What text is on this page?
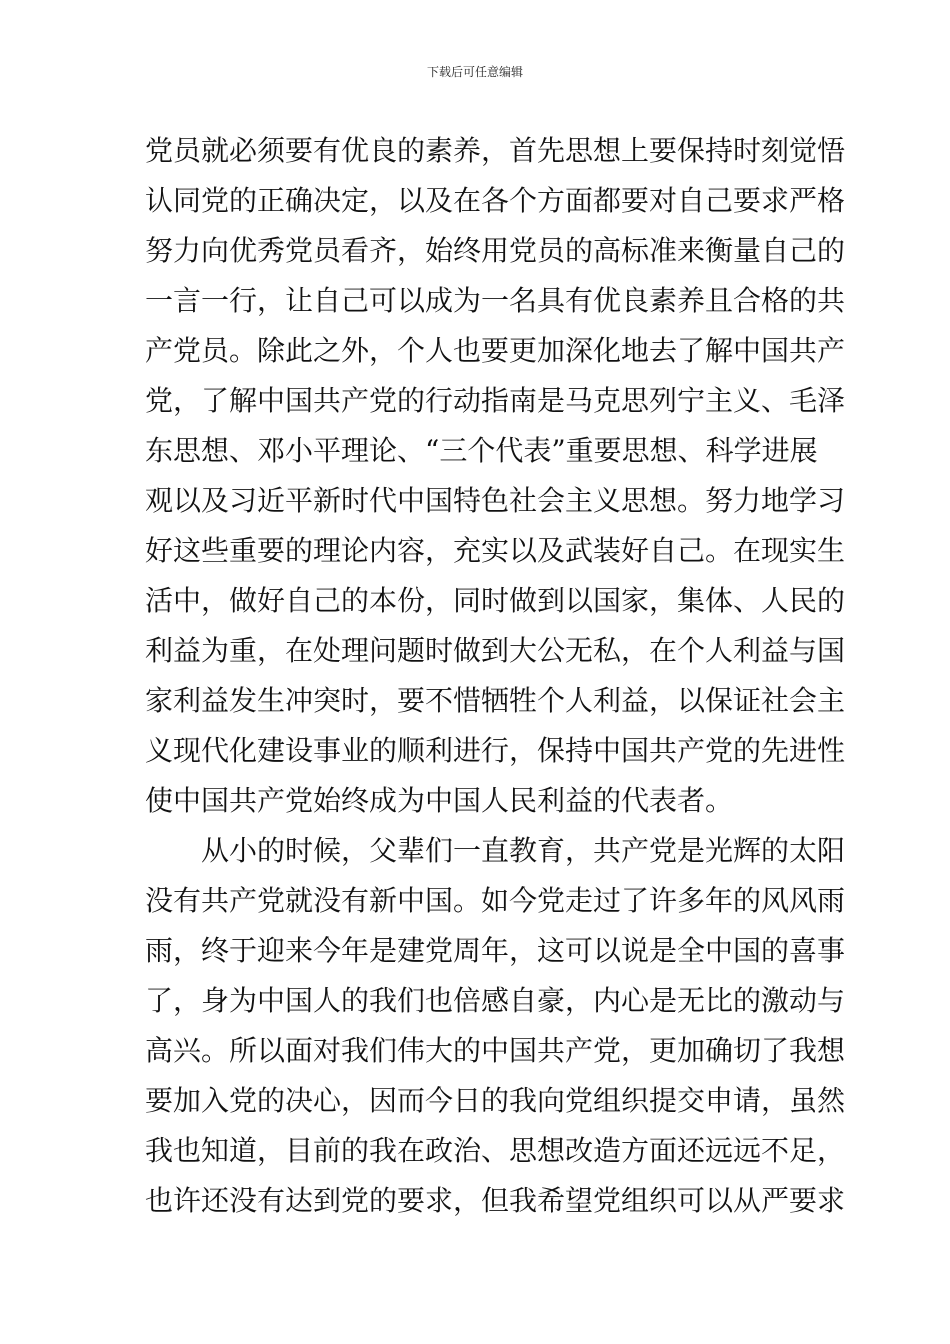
下载后可任意编辑
党员就必须要有优良的素养，首先思想上要保持时刻觉悟
认同党的正确决定，以及在各个方面都要对自己要求严格
努力向优秀党员看齐，始终用党员的高标准来衡量自己的
一言一行，让自己可以成为一名具有优良素养且合格的共
产党员。除此之外，个人也要更加深化地去了解中国共产
党，了解中国共产党的行动指南是马克思列宁主义、毛泽
东思想、邓小平理论、“三个代表”重要思想、科学进展
观以及习近平新时代中国特色社会主义思想。努力地学习
好这些重要的理论内容，充实以及武装好自己。在现实生
活中，做好自己的本份，同时做到以国家，集体、人民的
利益为重，在处理问题时做到大公无私，在个人利益与国
家利益发生冲突时，要不惜牺牲个人利益，以保证社会主
义现代化建设事业的顺利进行，保持中国共产党的先进性
使中国共产党始终成为中国人民利益的代表者。
从小的时候，父辈们一直教育，共产党是光辉的太阳
没有共产党就没有新中国。如今党走过了许多年的风风雨
雨，终于迎来今年是建党周年，这可以说是全中国的喜事
了，身为中国人的我们也倍感自豪，内心是无比的激动与
高兴。所以面对我们伟大的中国共产党，更加确切了我想
要加入党的决心，因而今日的我向党组织提交申请，虽然
我也知道，目前的我在政治、思想改造方面还远远不足，
也许还没有达到党的要求，但我希望党组织可以从严要求
